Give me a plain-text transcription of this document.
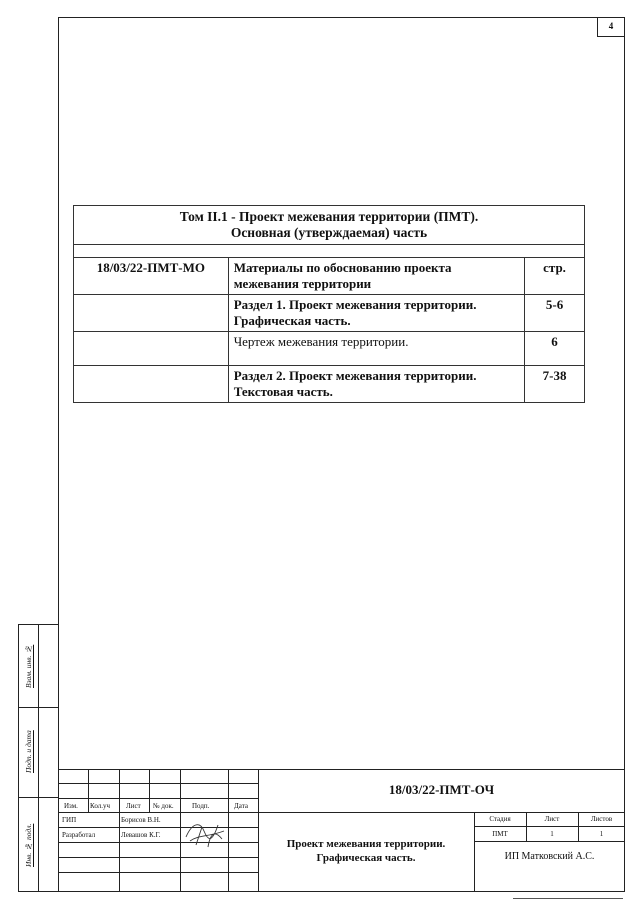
4
Том II.1 - Проект межевания территории (ПМТ).
Основная (утверждаемая) часть		

18/03/22-ПМТ-МО	Материалы по обоснованию проекта межевания территории	стр.
	Раздел 1. Проект межевания территории. Графическая часть.	5-6
	Чертеж межевания территории.	6
	Раздел 2. Проект межевания территории. Текстовая часть.	7-38
Взам. инв. №
Подп. и дата
Инв. № подл.
Изм. Кол.уч Лист № док.	Подп.	Дата
ГИП	Борисов В.Н.
Разработал	Левашов К.Г.
18/03/22-ПМТ-ОЧ
Проект межевания территории.
Графическая часть.
Стадия	Лист	Листов
ПМТ	1	1
ИП Матковский А.С.
